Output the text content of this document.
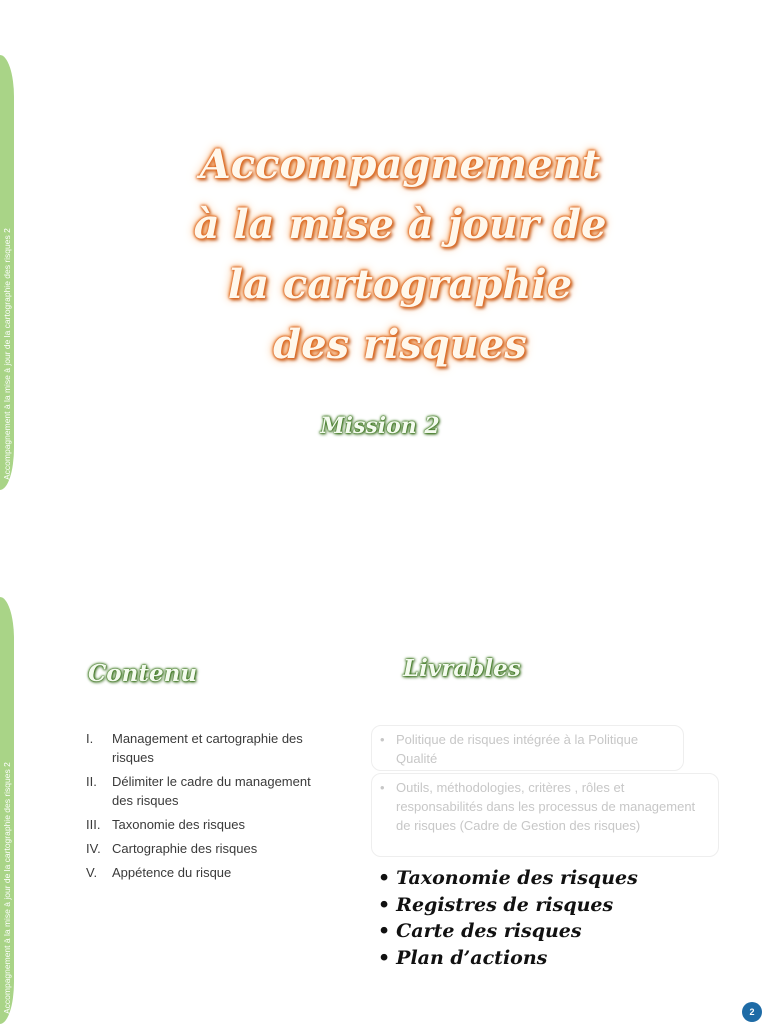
Accompagnement à la mise à jour de la cartographie des risques 2
Accompagnement
à la mise à jour de
la cartographie
des risques
Mission 2
Accompagnement à la mise à jour de la cartographie des risques 2
Contenu	Livrables
I.	Management et cartographie des risques
II.	Délimiter le cadre du management des risques
III. Taxonomie des risques
IV. Cartographie des risques
V.	Appétence du risque
• Politique de risques intégrée à la Politique Qualité
• Outils, méthodologies, critères , rôles et responsabilités dans les processus de management de risques (Cadre de Gestion des risques)
• Taxonomie des risques
• Registres de risques
• Carte des risques
• Plan d’actions
2
